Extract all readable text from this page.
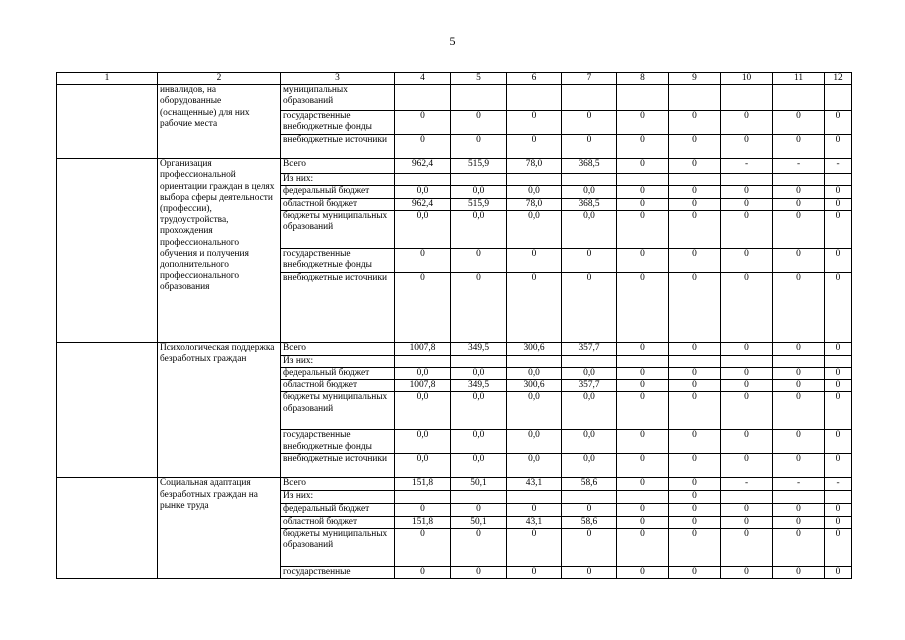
5
1	2	3	4	5	6	7	8	9	10	11	12
	инвалидов, на оборудованные (оснащенные) для них рабочие места	муниципальных образований									
		государственные внебюджетные фонды	0	0	0	0	0	0	0	0	0
		внебюджетные источники	0	0	0	0	0	0	0	0	0
	Организация профессиональной ориентации граждан в целях выбора сферы деятельности (профессии), трудоустройства, прохождения профессионального обучения и получения дополнительного профессионального образования	Всего	962,4	515,9	78,0	368,5	0	0	-	-	-
		Из них:									
		федеральный бюджет	0,0	0,0	0,0	0,0	0	0	0	0	0
		областной бюджет	962,4	515,9	78,0	368,5	0	0	0	0	0
		бюджеты муниципальных образований	0,0	0,0	0,0	0,0	0	0	0	0	0
		государственные внебюджетные фонды	0	0	0	0	0	0	0	0	0
		внебюджетные источники	0	0	0	0	0	0	0	0	0
	Психологическая поддержка безработных граждан	Всего	1007,8	349,5	300,6	357,7	0	0	0	0	0
		Из них:									
		федеральный бюджет	0,0	0,0	0,0	0,0	0	0	0	0	0
		областной бюджет	1007,8	349,5	300,6	357,7	0	0	0	0	0
		бюджеты муниципальных образований	0,0	0,0	0,0	0,0	0	0	0	0	0
		государственные внебюджетные фонды	0,0	0,0	0,0	0,0	0	0	0	0	0
		внебюджетные источники	0,0	0,0	0,0	0,0	0	0	0	0	0
	Социальная адаптация безработных граждан на рынке труда	Всего	151,8	50,1	43,1	58,6	0	0	-	-	-
		Из них:						0			
		федеральный бюджет	0	0	0	0	0	0	0	0	0
		областной бюджет	151,8	50,1	43,1	58,6	0	0	0	0	0
		бюджеты муниципальных образований	0	0	0	0	0	0	0	0	0
		государственные	0	0	0	0	0	0	0	0	0
